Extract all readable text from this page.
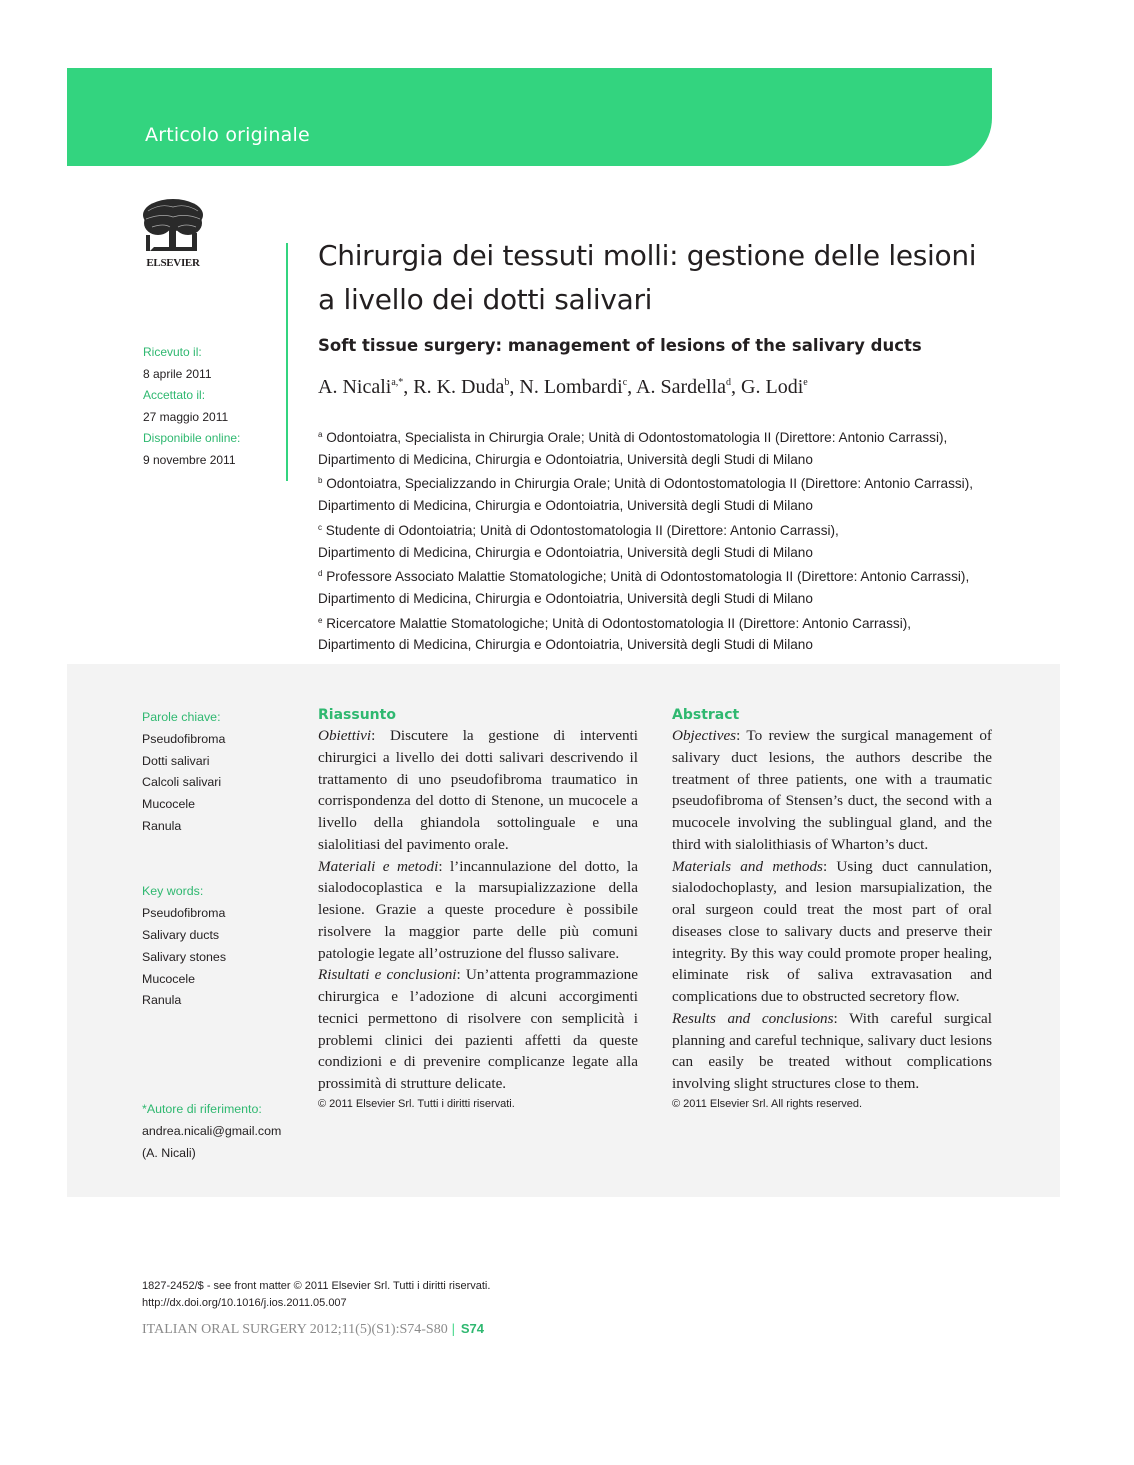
Articolo originale
ELSEVIER
Ricevuto il:
8 aprile 2011
Accettato il:
27 maggio 2011
Disponibile online:
9 novembre 2011
Chirurgia dei tessuti molli: gestione delle lesioni
a livello dei dotti salivari
Soft tissue surgery: management of lesions of the salivary ducts
A. Nicali$^{a,*}$, R. K. Duda$^b$, N. Lombardi$^c$, A. Sardella$^d$, G. Lodi$^e$
$^a$ Odontoiatra, Specialista in Chirurgia Orale; Unità di Odontostomatologia II (Direttore: Antonio Carrassi),
Dipartimento di Medicina, Chirurgia e Odontoiatria, Università degli Studi di Milano
$^b$ Odontoiatra, Specializzando in Chirurgia Orale; Unità di Odontostomatologia II (Direttore: Antonio Carrassi),
Dipartimento di Medicina, Chirurgia e Odontoiatria, Università degli Studi di Milano
$^c$ Studente di Odontoiatria; Unità di Odontostomatologia II (Direttore: Antonio Carrassi),
Dipartimento di Medicina, Chirurgia e Odontoiatria, Università degli Studi di Milano
$^d$ Professore Associato Malattie Stomatologiche; Unità di Odontostomatologia II (Direttore: Antonio Carrassi),
Dipartimento di Medicina, Chirurgia e Odontoiatria, Università degli Studi di Milano
$^e$ Ricercatore Malattie Stomatologiche; Unità di Odontostomatologia II (Direttore: Antonio Carrassi),
Dipartimento di Medicina, Chirurgia e Odontoiatria, Università degli Studi di Milano
Parole chiave:
Pseudofibroma
Dotti salivari
Calcoli salivari
Mucocele
Ranula
Key words:
Pseudofibroma
Salivary ducts
Salivary stones
Mucocele
Ranula
*Autore di riferimento:
andrea.nicali@gmail.com
(A. Nicali)
Riassunto
Obiettivi: Discutere la gestione di interventi chirurgici a livello dei dotti salivari descrivendo il trattamento di uno pseudofibroma traumatico in corrispondenza del dotto di Stenone, un mucocele a livello della ghiandola sottolinguale e una sialolitiasi del pavimento orale.
Materiali e metodi: l’incannulazione del dotto, la sialodocoplastica e la marsupializzazione della lesione. Grazie a queste procedure è possibile risolvere la maggior parte delle più comuni patologie legate all’ostruzione del flusso salivare.
Risultati e conclusioni: Un’attenta programmazione chirurgica e l’adozione di alcuni accorgimenti tecnici permettono di risolvere con semplicità i problemi clinici dei pazienti affetti da queste condizioni e di prevenire complicanze legate alla prossimità di strutture delicate.
© 2011 Elsevier Srl. Tutti i diritti riservati.
Abstract
Objectives: To review the surgical management of salivary duct lesions, the authors describe the treatment of three patients, one with a traumatic pseudofibroma of Stensen’s duct, the second with a mucocele involving the sublingual gland, and the third with sialolithiasis of Wharton’s duct.
Materials and methods: Using duct cannulation, sialodochoplasty, and lesion marsupialization, the oral surgeon could treat the most part of oral diseases close to salivary ducts and preserve their integrity. By this way could promote proper healing, eliminate risk of saliva extravasation and complications due to obstructed secretory flow.
Results and conclusions: With careful surgical planning and careful technique, salivary duct lesions can easily be treated without complications involving slight structures close to them.
© 2011 Elsevier Srl. All rights reserved.
1827-2452/$ - see front matter © 2011 Elsevier Srl. Tutti i diritti riservati.
http://dx.doi.org/10.1016/j.ios.2011.05.007
ITALIAN ORAL SURGERY 2012;11(5)(S1):S74-S80 | S74
